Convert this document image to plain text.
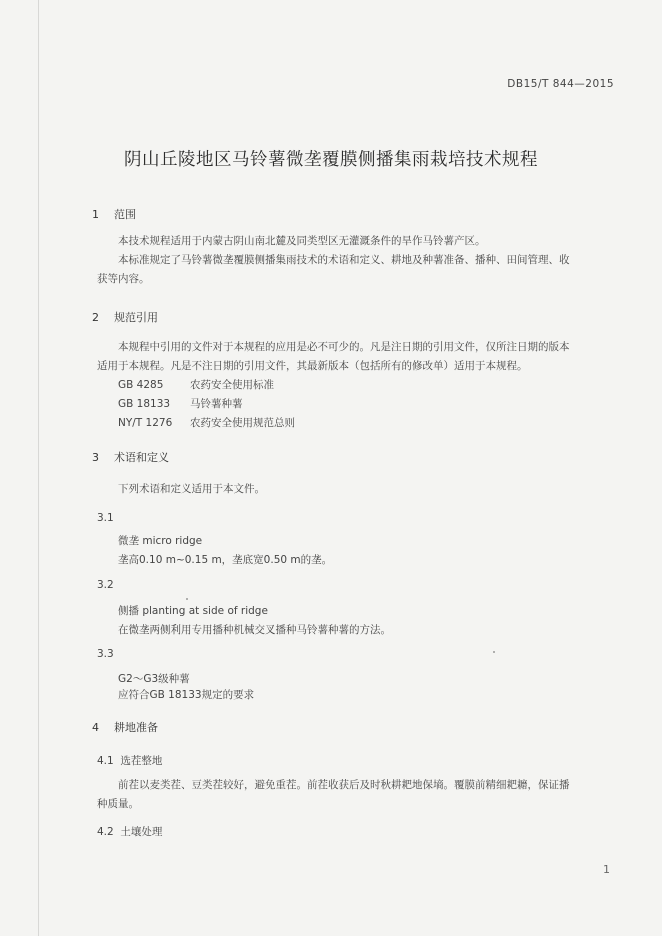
DB15/T 844—2015
阴山丘陵地区马铃薯微垄覆膜侧播集雨栽培技术规程
1 范围
本技术规程适用于内蒙古阴山南北麓及同类型区无灌溉条件的旱作马铃薯产区。
本标准规定了马铃薯微垄覆膜侧播集雨技术的术语和定义、耕地及种薯准备、播种、田间管理、收
获等内容。
2 规范引用
本规程中引用的文件对于本规程的应用是必不可少的。凡是注日期的引用文件，仅所注日期的版本
适用于本规程。凡是不注日期的引用文件，其最新版本（包括所有的修改单）适用于本规程。
GB 4285	农药安全使用标准
GB 18133 马铃薯种薯
NY/T 1276 农药安全使用规范总则
3 术语和定义
下列术语和定义适用于本文件。
3.1
微垄 micro ridge
垄高0.10 m~0.15 m，垄底宽0.50 m的垄。
3.2
侧播 planting at side of ridge
在微垄两侧利用专用播种机械交叉播种马铃薯种薯的方法。
3.3
G2～G3级种薯
应符合GB 18133规定的要求
4 耕地准备
4.1 选茬整地
前茬以麦类茬、豆类茬较好，避免重茬。前茬收获后及时秋耕耙地保墒。覆膜前精细耙耱，保证播
种质量。
4.2 土壤处理
1
